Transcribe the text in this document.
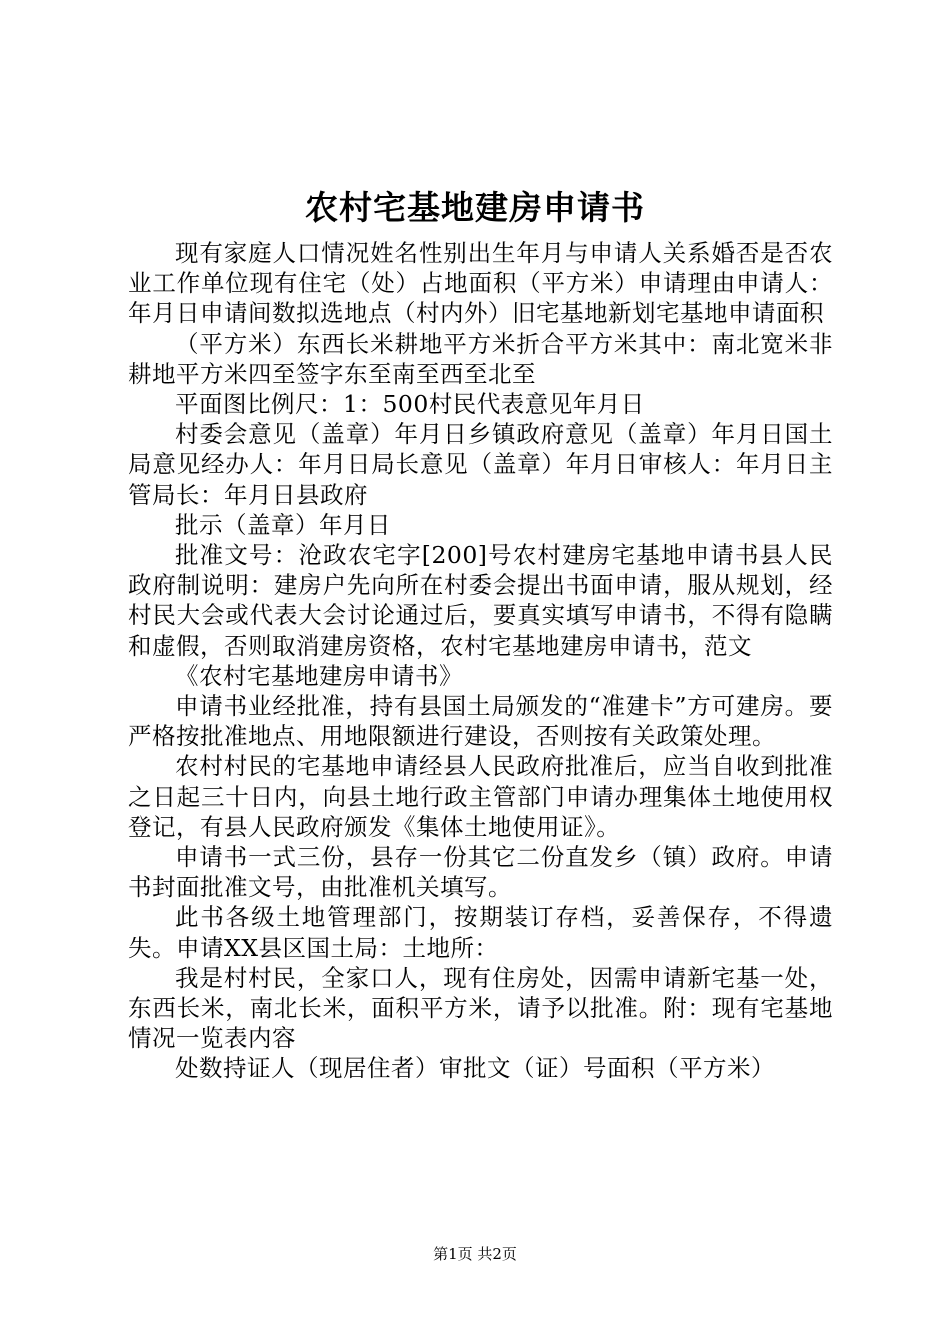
农村宅基地建房申请书

现有家庭人口情况姓名性别出生年月与申请人关系婚否是否农业工作单位现有住宅（处）占地面积（平方米）申请理由申请人：年月日申请间数拟选地点（村内外）旧宅基地新划宅基地申请面积

（平方米）东西长米耕地平方米折合平方米其中：南北宽米非耕地平方米四至签字东至南至西至北至

平面图比例尺：1：500村民代表意见年月日

村委会意见（盖章）年月日乡镇政府意见（盖章）年月日国土局意见经办人：年月日局长意见（盖章）年月日审核人：年月日主管局长：年月日县政府

批示（盖章）年月日

批准文号：沧政农宅字[200]号农村建房宅基地申请书县人民政府制说明：建房户先向所在村委会提出书面申请，服从规划，经村民大会或代表大会讨论通过后，要真实填写申请书，不得有隐瞒和虚假，否则取消建房资格，农村宅基地建房申请书，范文

《农村宅基地建房申请书》

申请书业经批准，持有县国土局颁发的“准建卡”方可建房。要严格按批准地点、用地限额进行建设，否则按有关政策处理。

农村村民的宅基地申请经县人民政府批准后，应当自收到批准之日起三十日内，向县土地行政主管部门申请办理集体土地使用权登记，有县人民政府颁发《集体土地使用证》。

申请书一式三份，县存一份其它二份直发乡（镇）政府。申请书封面批准文号，由批准机关填写。

此书各级土地管理部门，按期装订存档，妥善保存，不得遗失。申请XX县区国土局：土地所：

我是村村民，全家口人，现有住房处，因需申请新宅基一处，东西长米，南北长米，面积平方米，请予以批准。附：现有宅基地情况一览表内容

处数持证人（现居住者）审批文（证）号面积（平方米）

第1页 共2页
